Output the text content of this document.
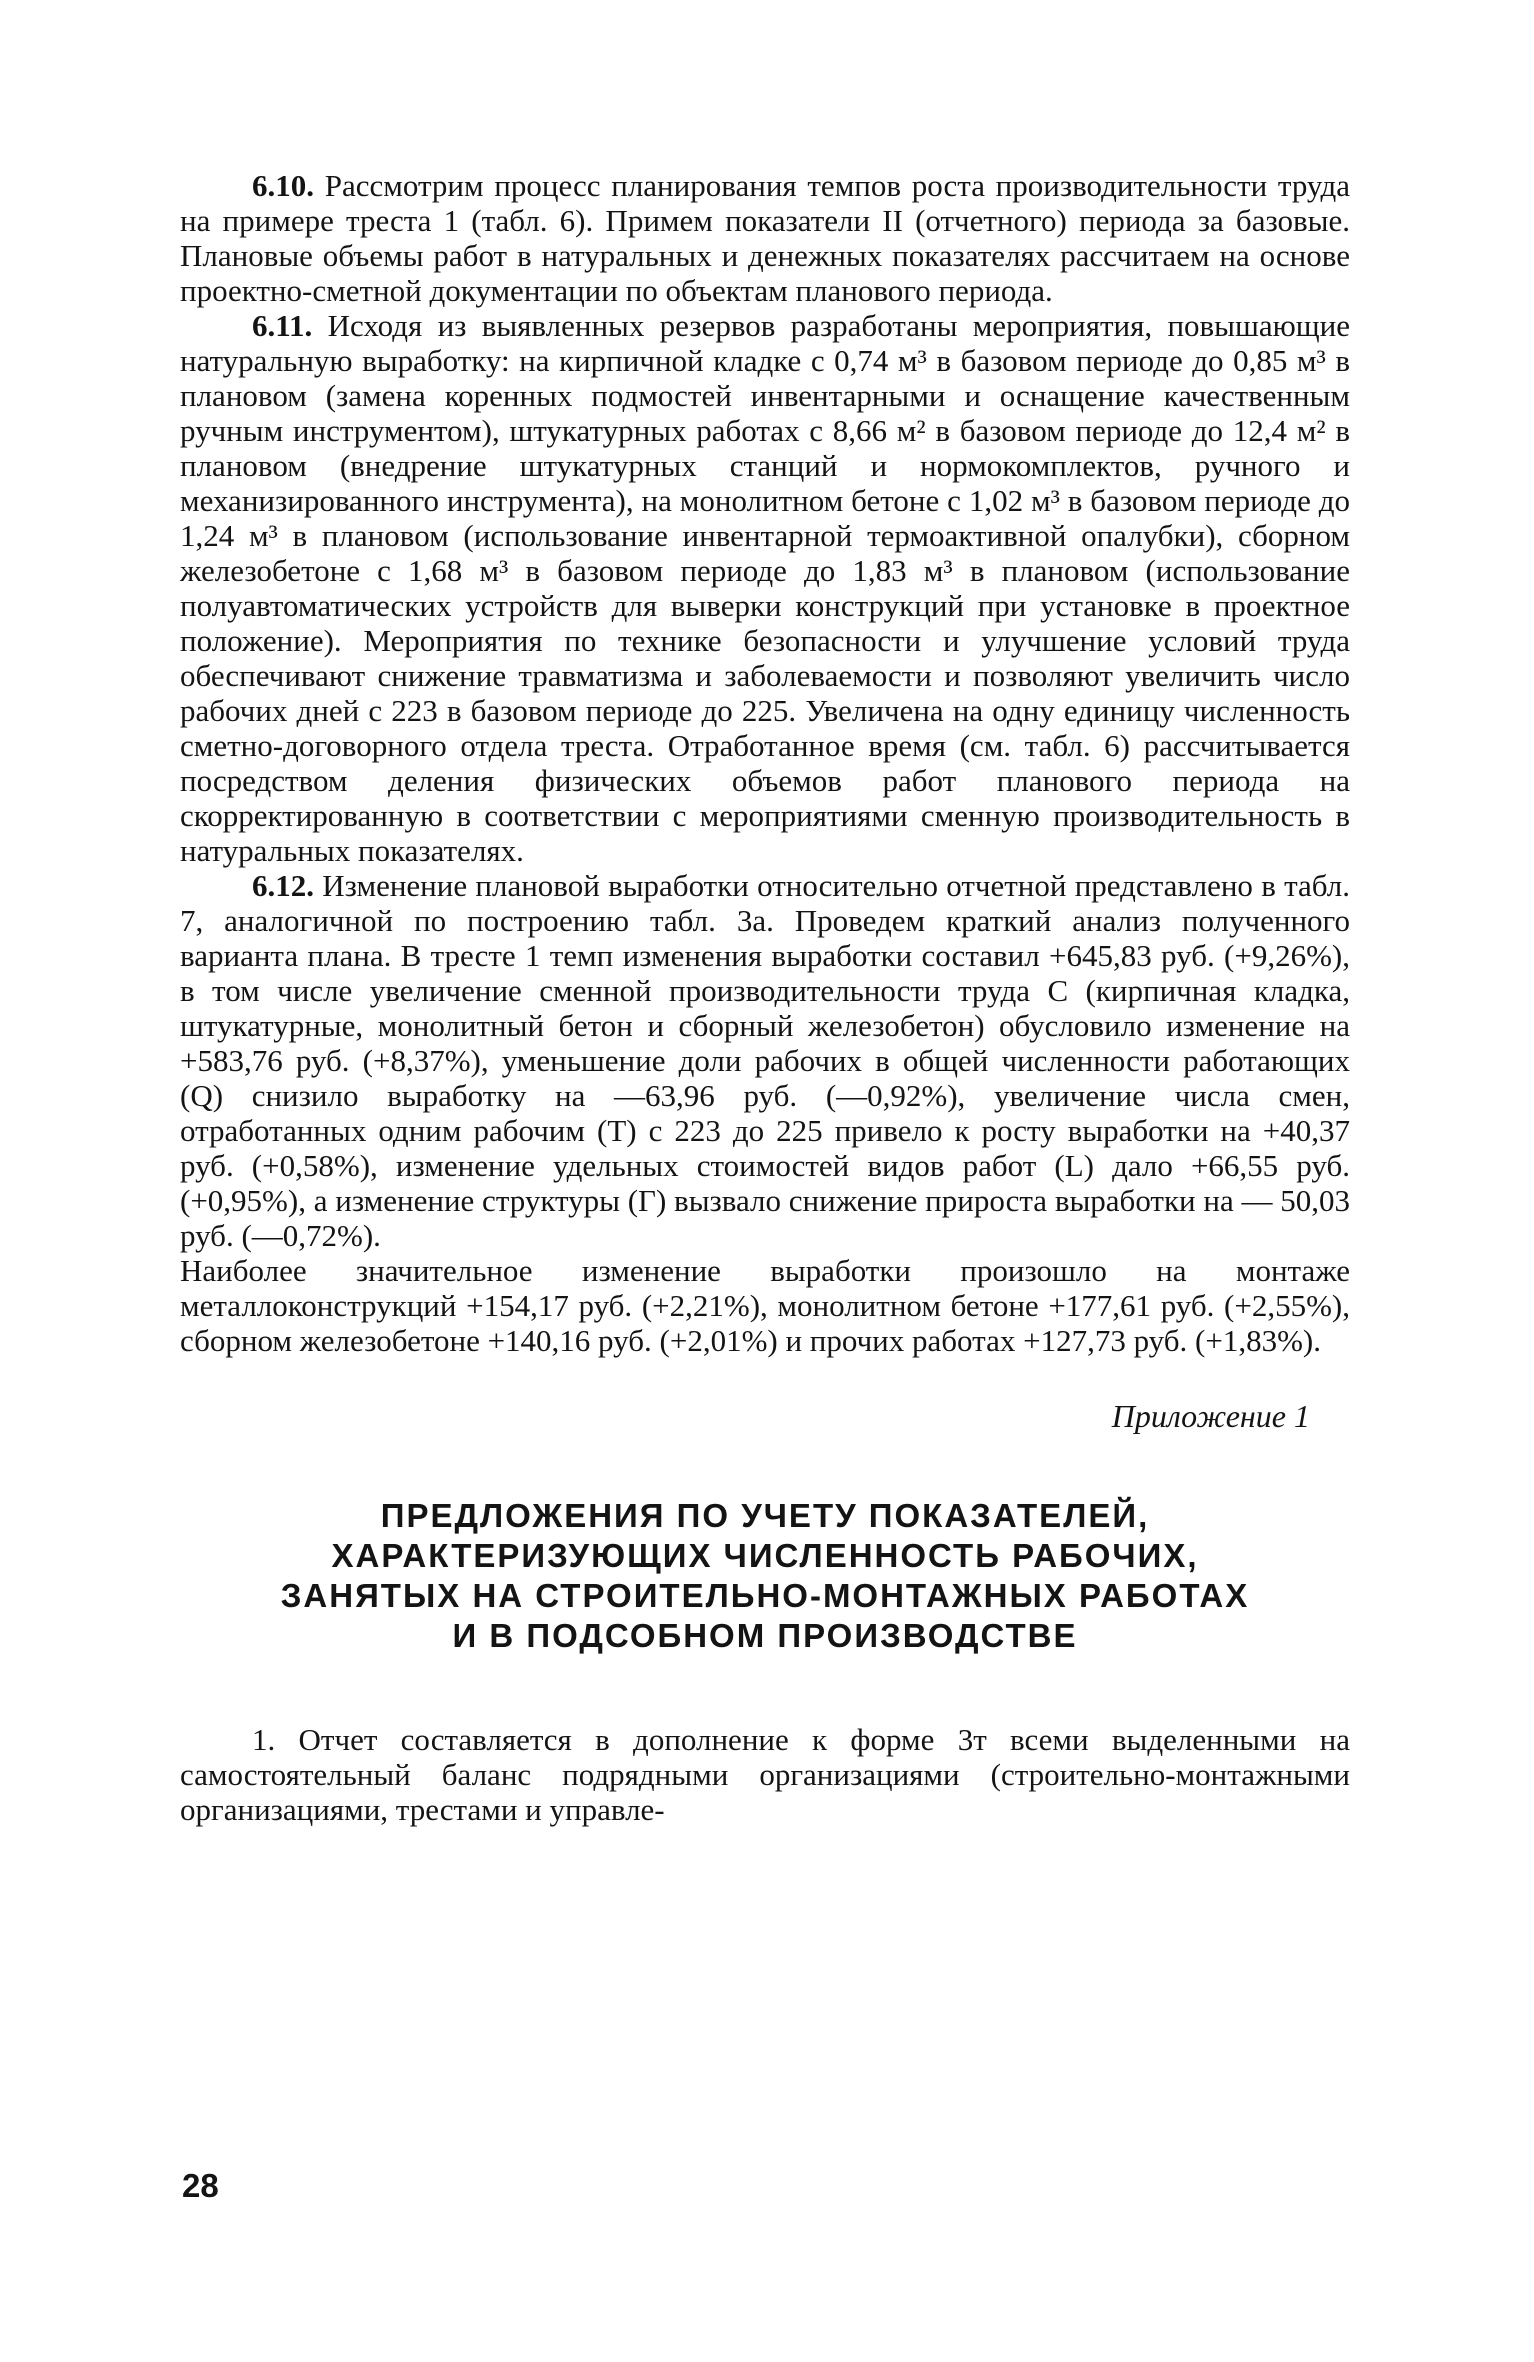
6.10. Рассмотрим процесс планирования темпов роста производительности труда на примере треста 1 (табл. 6). Примем показатели II (отчетного) периода за базовые. Плановые объемы работ в натуральных и денежных показателях рассчитаем на основе проектно-сметной документации по объектам планового периода.

6.11. Исходя из выявленных резервов разработаны мероприятия, повышающие натуральную выработку: на кирпичной кладке с 0,74 м³ в базовом периоде до 0,85 м³ в плановом (замена коренных подмостей инвентарными и оснащение качественным ручным инструментом), штукатурных работах с 8,66 м² в базовом периоде до 12,4 м² в плановом (внедрение штукатурных станций и нормокомплектов, ручного и механизированного инструмента), на монолитном бетоне с 1,02 м³ в базовом периоде до 1,24 м³ в плановом (использование инвентарной термоактивной опалубки), сборном железобетоне с 1,68 м³ в базовом периоде до 1,83 м³ в плановом (использование полуавтоматических устройств для выверки конструкций при установке в проектное положение). Мероприятия по технике безопасности и улучшение условий труда обеспечивают снижение травматизма и заболеваемости и позволяют увеличить число рабочих дней с 223 в базовом периоде до 225. Увеличена на одну единицу численность сметно-договорного отдела треста. Отработанное время (см. табл. 6) рассчитывается посредством деления физических объемов работ планового периода на скорректированную в соответствии с мероприятиями сменную производительность в натуральных показателях.

6.12. Изменение плановой выработки относительно отчетной представлено в табл. 7, аналогичной по построению табл. 3а. Проведем краткий анализ полученного варианта плана. В тресте 1 темп изменения выработки составил +645,83 руб. (+9,26%), в том числе увеличение сменной производительности труда С (кирпичная кладка, штукатурные, монолитный бетон и сборный железобетон) обусловило изменение на +583,76 руб. (+8,37%), уменьшение доли рабочих в общей численности работающих (Q) снизило выработку на —63,96 руб. (—0,92%), увеличение числа смен, отработанных одним рабочим (Т) с 223 до 225 привело к росту выработки на +40,37 руб. (+0,58%), изменение удельных стоимостей видов работ (L) дало +66,55 руб. (+0,95%), а изменение структуры (Г) вызвало снижение прироста выработки на — 50,03 руб. (—0,72%).

Наиболее значительное изменение выработки произошло на монтаже металлоконструкций +154,17 руб. (+2,21%), монолитном бетоне +177,61 руб. (+2,55%), сборном железобетоне +140,16 руб. (+2,01%) и прочих работах +127,73 руб. (+1,83%).

Приложение 1
ПРЕДЛОЖЕНИЯ ПО УЧЕТУ ПОКАЗАТЕЛЕЙ,
ХАРАКТЕРИЗУЮЩИХ ЧИСЛЕННОСТЬ РАБОЧИХ,
ЗАНЯТЫХ НА СТРОИТЕЛЬНО-МОНТАЖНЫХ РАБОТАХ
И В ПОДСОБНОМ ПРОИЗВОДСТВЕ

1. Отчет составляется в дополнение к форме 3т всеми выделенными на самостоятельный баланс подрядными организациями (строительно-монтажными организациями, трестами и управле-

28
